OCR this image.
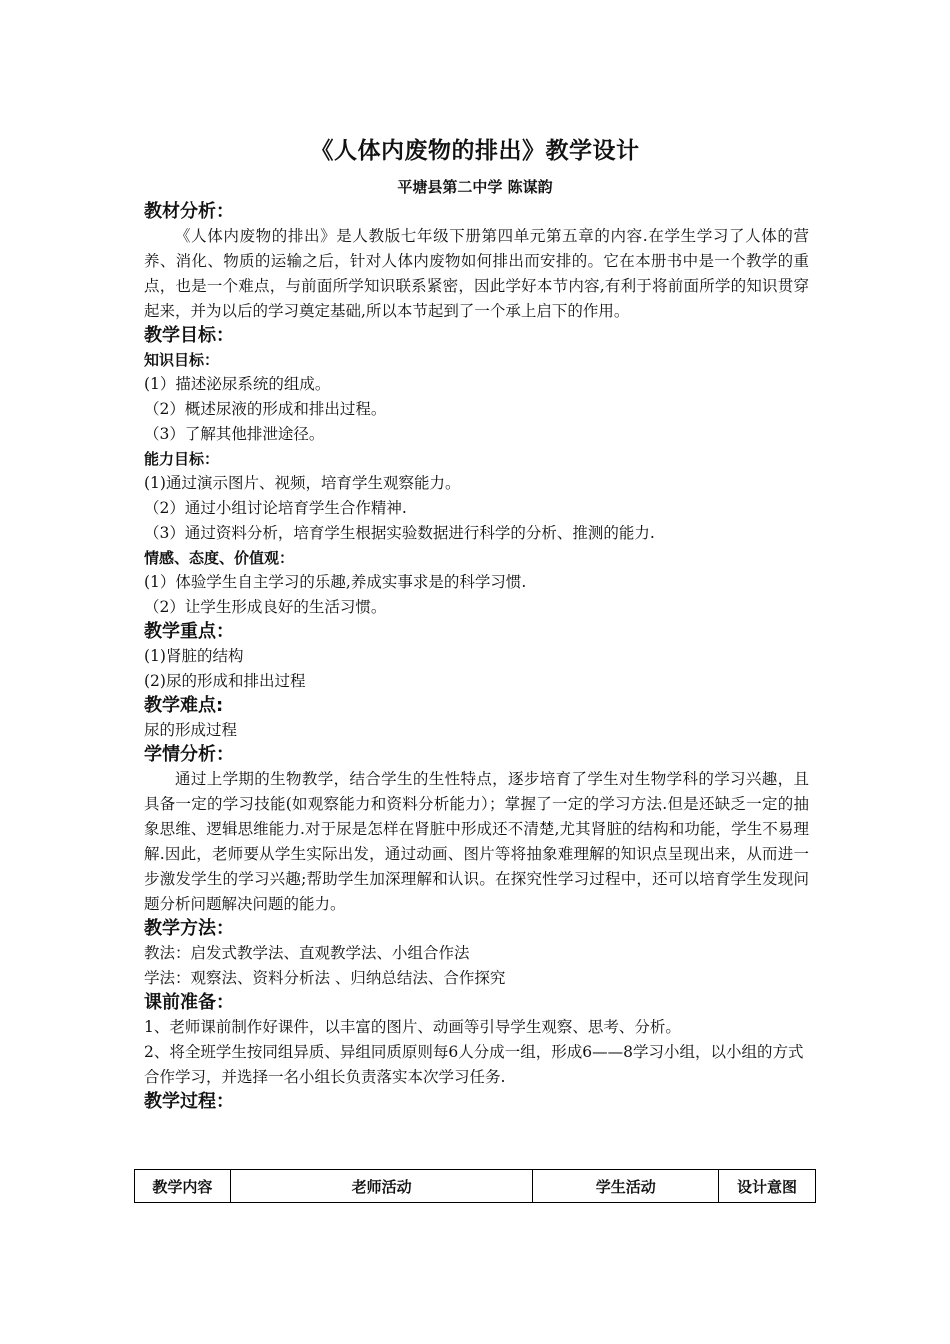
《人体内废物的排出》教学设计
平塘县第二中学 陈谋韵
教材分析：

《人体内废物的排出》是人教版七年级下册第四单元第五章的内容.在学生学习了人体的营养、消化、物质的运输之后，针对人体内废物如何排出而安排的。它在本册书中是一个教学的重点，也是一个难点，与前面所学知识联系紧密，因此学好本节内容,有利于将前面所学的知识贯穿起来，并为以后的学习奠定基础,所以本节起到了一个承上启下的作用。

教学目标：
知识目标：

(1）描述泌尿系统的组成。

（2）概述尿液的形成和排出过程。

（3）了解其他排泄途径。

能力目标：

(1)通过演示图片、视频，培育学生观察能力。

（2）通过小组讨论培育学生合作精神.

（3）通过资料分析，培育学生根据实验数据进行科学的分析、推测的能力.

情感、态度、价值观：

(1）体验学生自主学习的乐趣,养成实事求是的科学习惯.

（2）让学生形成良好的生活习惯。

教学重点：

(1)肾脏的结构

(2)尿的形成和排出过程

教学难点:

尿的形成过程

学情分析：

通过上学期的生物教学，结合学生的生性特点，逐步培育了学生对生物学科的学习兴趣，且具备一定的学习技能(如观察能力和资料分析能力）；掌握了一定的学习方法.但是还缺乏一定的抽象思维、逻辑思维能力.对于尿是怎样在肾脏中形成还不清楚,尤其肾脏的结构和功能，学生不易理解.因此，老师要从学生实际出发，通过动画、图片等将抽象难理解的知识点呈现出来，从而进一步激发学生的学习兴趣;帮助学生加深理解和认识。在探究性学习过程中，还可以培育学生发现问题分析问题解决问题的能力。

教学方法：

教法：启发式教学法、直观教学法、小组合作法

学法：观察法、资料分析法 、归纳总结法、合作探究

课前准备：

1、老师课前制作好课件，以丰富的图片、动画等引导学生观察、思考、分析。

2、将全班学生按同组异质、异组同质原则每6人分成一组，形成6——8学习小组，以小组的方式合作学习，并选择一名小组长负责落实本次学习任务.

教学过程：
教学内容	老师活动	学生活动	设计意图
